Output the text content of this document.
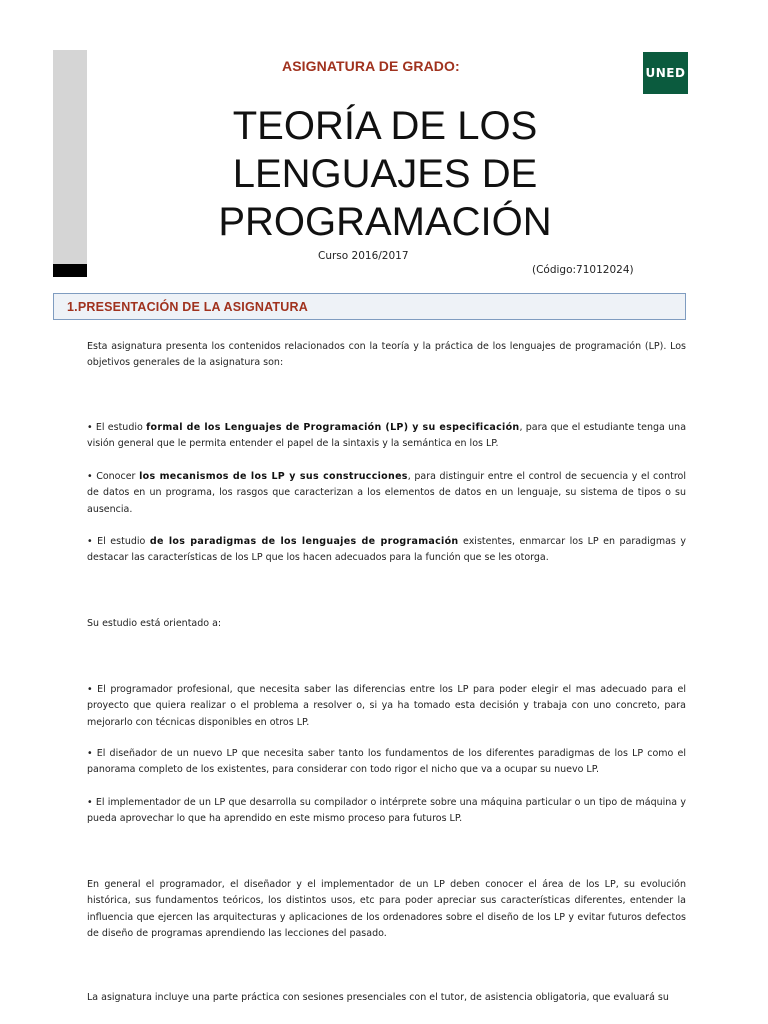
ASIGNATURA DE GRADO:	UNED
TEORÍA DE LOS
LENGUAJES DE
PROGRAMACIÓN
Curso 2016/2017
(Código:71012024)
1.PRESENTACIÓN DE LA ASIGNATURA

Esta asignatura presenta los contenidos relacionados con la teoría y la práctica de los lenguajes de programación (LP). Los objetivos generales de la asignatura son:

• El estudio formal de los Lenguajes de Programación (LP) y su especificación, para que el estudiante tenga una visión general que le permita entender el papel de la sintaxis y la semántica en los LP.

• Conocer los mecanismos de los LP y sus construcciones, para distinguir entre el control de secuencia y el control de datos en un programa, los rasgos que caracterizan a los elementos de datos en un lenguaje, su sistema de tipos o su ausencia.

• El estudio de los paradigmas de los lenguajes de programación existentes, enmarcar los LP en paradigmas y destacar las características de los LP que los hacen adecuados para la función que se les otorga.

Su estudio está orientado a:

• El programador profesional, que necesita saber las diferencias entre los LP para poder elegir el mas adecuado para el proyecto que quiera realizar o el problema a resolver o, si ya ha tomado esta decisión y trabaja con uno concreto, para mejorarlo con técnicas disponibles en otros LP.

• El diseñador de un nuevo LP que necesita saber tanto los fundamentos de los diferentes paradigmas de los LP como el panorama completo de los existentes, para considerar con todo rigor el nicho que va a ocupar su nuevo LP.

• El implementador de un LP que desarrolla su compilador o intérprete sobre una máquina particular o un tipo de máquina y pueda aprovechar lo que ha aprendido en este mismo proceso para futuros LP.

En general el programador, el diseñador y el implementador de un LP deben conocer el área de los LP, su evolución histórica, sus fundamentos teóricos, los distintos usos, etc para poder apreciar sus características diferentes, entender la influencia que ejercen las arquitecturas y aplicaciones de los ordenadores sobre el diseño de los LP y evitar futuros defectos de diseño de programas aprendiendo las lecciones del pasado.

La asignatura incluye una parte práctica con sesiones presenciales con el tutor, de asistencia obligatoria, que evaluará su
